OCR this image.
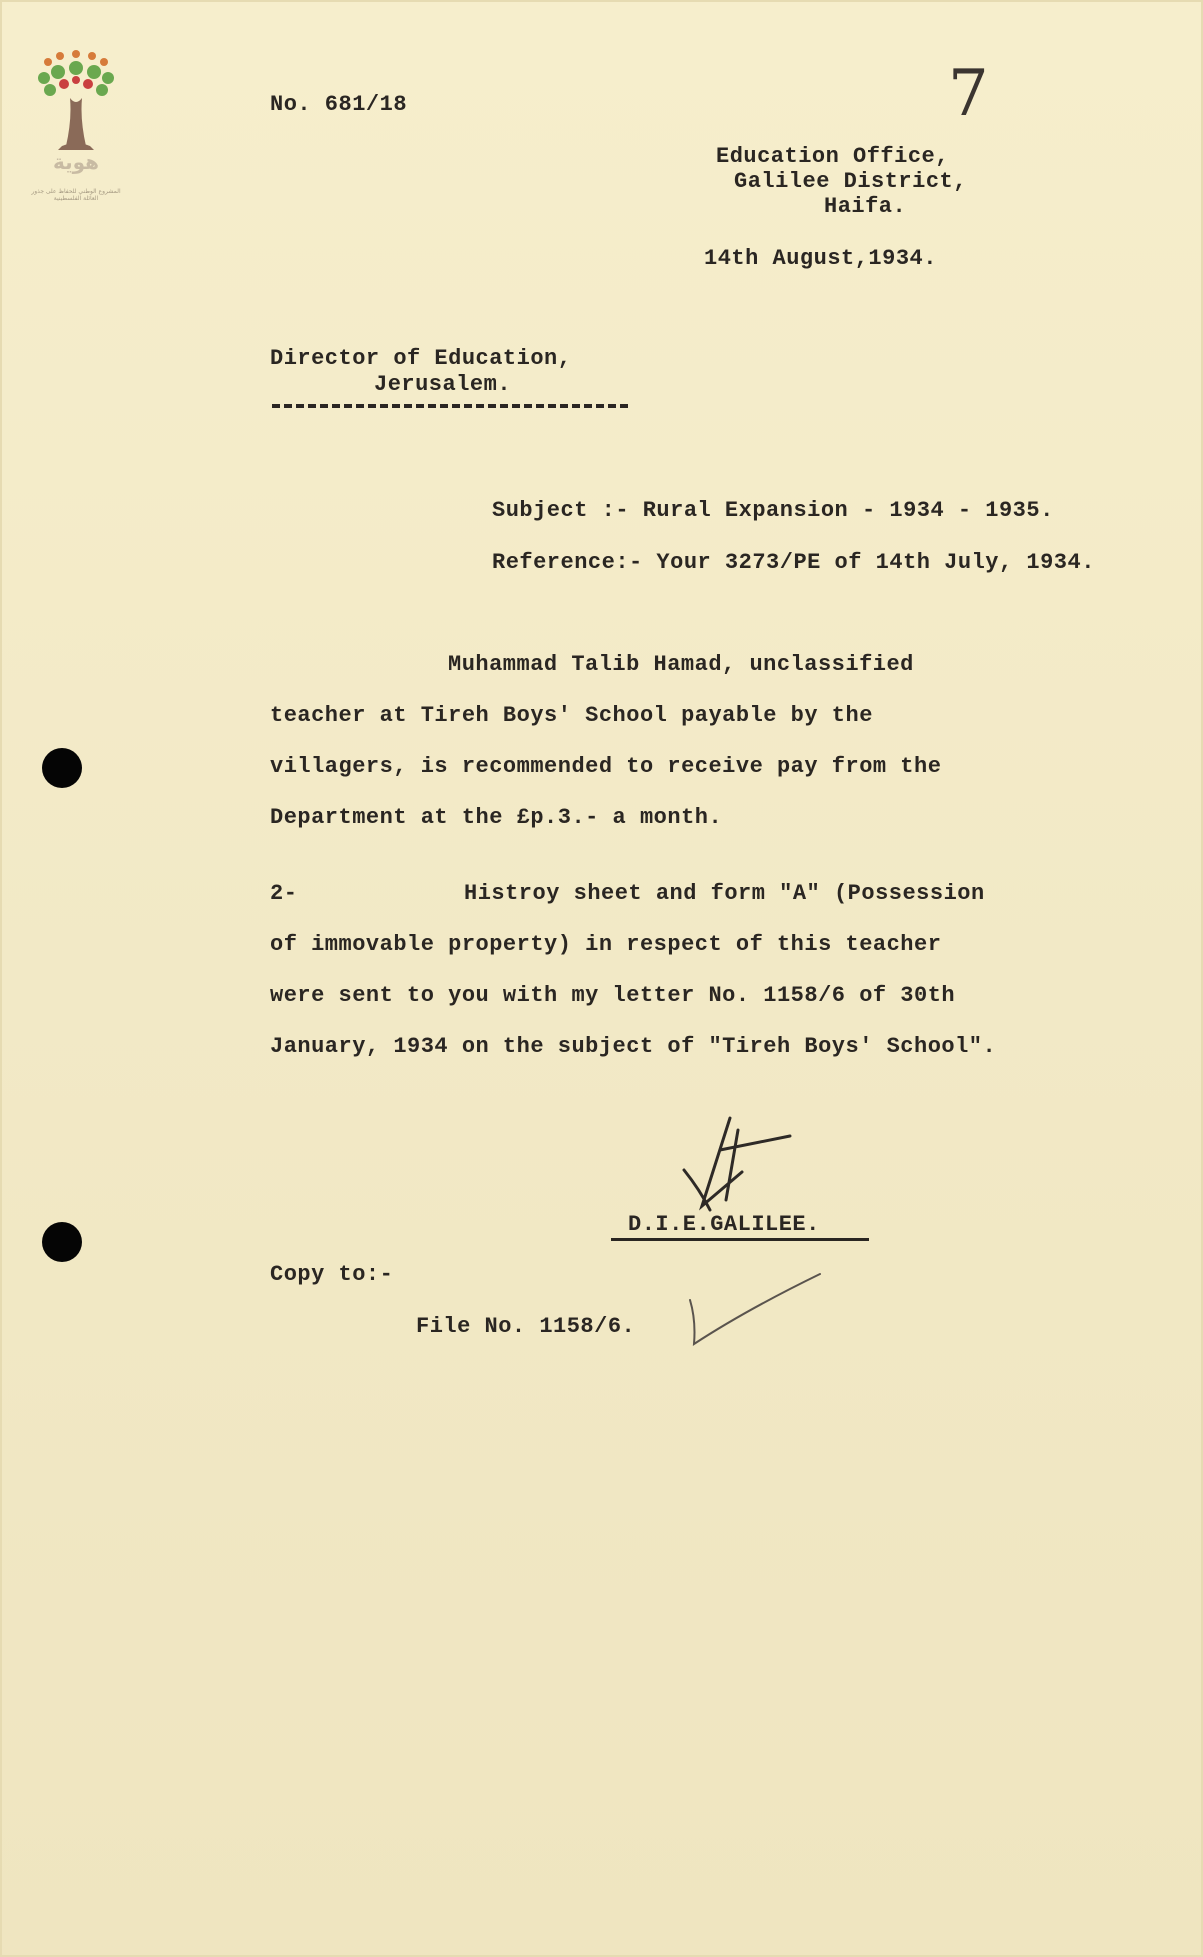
هوية
المشروع الوطني للحفاظ على جذور العائلة الفلسطينية
No. 681/18	7
Education Office,
Galilee District,
Haifa.
14th August,1934.
Director of Education,
Jerusalem.
Subject :- Rural Expansion - 1934 - 1935.
Reference:- Your 3273/PE of 14th July, 1934.
Muhammad Talib Hamad, unclassified
teacher at Tireh Boys' School payable by the
villagers, is recommended to receive pay from the
Department at the £p.3.- a month.
2-	Histroy sheet and form "A" (Possession
of immovable property) in respect of this teacher
were sent to you with my letter No. 1158/6 of 30th
January, 1934 on the subject of "Tireh Boys' School".
D.I.E.GALILEE.
Copy to:-
File No. 1158/6.
